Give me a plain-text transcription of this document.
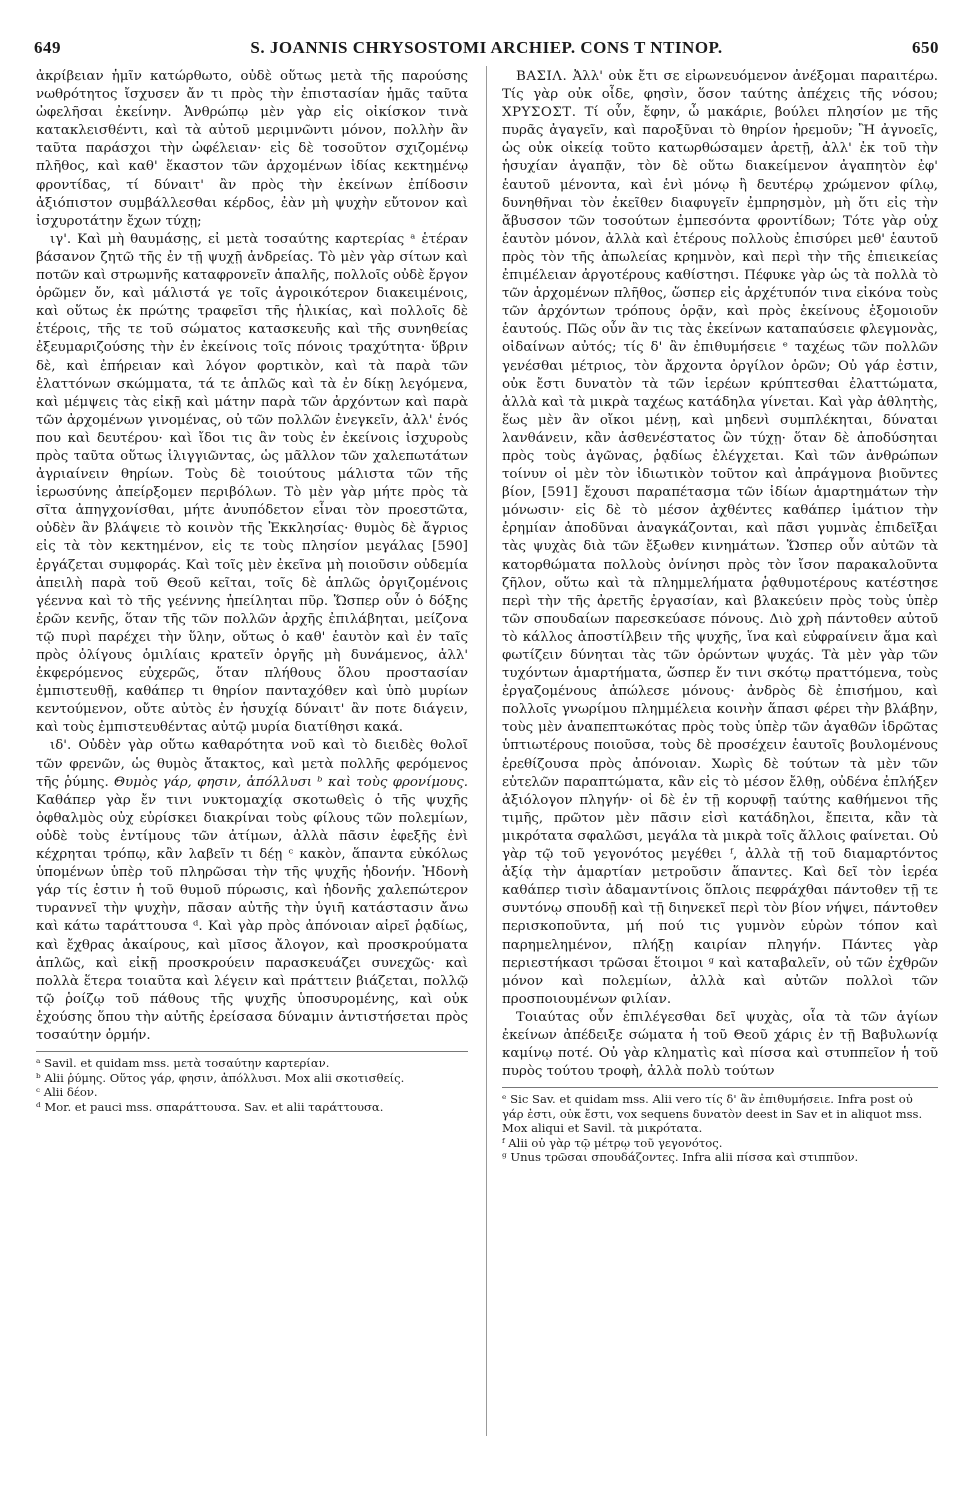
649	S. JOANNIS CHRYSOSTOMI ARCHIEP. CONS T NTINOP.	650

ἀκρίβειαν ἡμῖν κατώρθωτο, οὐδὲ οὕτως μετὰ τῆς παρούσης νωθρότητος ἴσχυσεν ἄν τι πρὸς τὴν ἐπιστασίαν ἡμᾶς ταῦτα ὠφελῆσαι ἐκείνην. Ἀνθρώπῳ μὲν γὰρ εἰς οἰκίσκον τινὰ κατακλεισθέντι, καὶ τὰ αὐτοῦ μεριμνῶντι μόνον, πολλὴν ἂν ταῦτα παράσχοι τὴν ὠφέλειαν· εἰς δὲ τοσοῦτον σχιζομένῳ πλῆθος, καὶ καθ' ἕκαστον τῶν ἀρχομένων ἰδίας κεκτημένῳ φροντίδας, τί δύναιτ' ἂν πρὸς τὴν ἐκείνων ἐπίδοσιν ἀξιόπιστον συμβάλλεσθαι κέρδος, ἐὰν μὴ ψυχὴν εὔτονον καὶ ἰσχυροτάτην ἔχων τύχῃ;

ιγ'. Καὶ μὴ θαυμάσῃς, εἰ μετὰ τοσαύτης καρτερίας ᵃ ἑτέραν βάσανον ζητῶ τῆς ἐν τῇ ψυχῇ ἀνδρείας. Τὸ μὲν γὰρ σίτων καὶ ποτῶν καὶ στρωμνῆς καταφρονεῖν ἁπαλῆς, πολλοῖς οὐδὲ ἔργον ὁρῶμεν ὄν, καὶ μάλιστά γε τοῖς ἀγροικότερον διακειμένοις, καὶ οὕτως ἐκ πρώτης τραφεῖσι τῆς ἡλικίας, καὶ πολλοῖς δὲ ἑτέροις, τῆς τε τοῦ σώματος κατασκευῆς καὶ τῆς συνηθείας ἐξευμαριζούσης τὴν ἐν ἐκείνοις τοῖς πόνοις τραχύτητα· ὕβριν δὲ, καὶ ἐπήρειαν καὶ λόγον φορτικὸν, καὶ τὰ παρὰ τῶν ἐλαττόνων σκώμματα, τά τε ἁπλῶς καὶ τὰ ἐν δίκῃ λεγόμενα, καὶ μέμψεις τὰς εἰκῇ καὶ μάτην παρὰ τῶν ἀρχόντων καὶ παρὰ τῶν ἀρχομένων γινομένας, οὐ τῶν πολλῶν ἐνεγκεῖν, ἀλλ' ἑνός που καὶ δευτέρου· καὶ ἴδοι τις ἂν τοὺς ἐν ἐκείνοις ἰσχυροὺς πρὸς ταῦτα οὕτως ἰλιγγιῶντας, ὡς μᾶλλον τῶν χαλεπωτάτων ἀγριαίνειν θηρίων. Τοὺς δὲ τοιούτους μάλιστα τῶν τῆς ἱερωσύνης ἀπείρξομεν περιβόλων. Τὸ μὲν γὰρ μήτε πρὸς τὰ σῖτα ἀπηγχονίσθαι, μήτε ἀνυπόδετον εἶναι τὸν προεστῶτα, οὐδὲν ἂν βλάψειε τὸ κοινὸν τῆς Ἐκκλησίας· θυμὸς δὲ ἄγριος εἰς τὰ τὸν κεκτημένον, εἰς τε τοὺς πλησίον μεγάλας [590] ἐργάζεται συμφοράς. Καὶ τοῖς μὲν ἐκεῖνα μὴ ποιοῦσιν οὐδεμία ἀπειλὴ παρὰ τοῦ Θεοῦ κεῖται, τοῖς δὲ ἁπλῶς ὀργιζομένοις γέεννα καὶ τὸ τῆς γεέννης ἠπείληται πῦρ. Ὥσπερ οὖν ὁ δόξης ἐρῶν κενῆς, ὅταν τῆς τῶν πολλῶν ἀρχῆς ἐπιλάβηται, μείζονα τῷ πυρὶ παρέχει τὴν ὕλην, οὕτως ὁ καθ' ἑαυτὸν καὶ ἐν ταῖς πρὸς ὀλίγους ὁμιλίαις κρατεῖν ὀργῆς μὴ δυνάμενος, ἀλλ' ἐκφερόμενος εὐχερῶς, ὅταν πλήθους ὅλου προστασίαν ἐμπιστευθῇ, καθάπερ τι θηρίον πανταχόθεν καὶ ὑπὸ μυρίων κεντούμενον, οὔτε αὐτὸς ἐν ἡσυχίᾳ δύναιτ' ἂν ποτε διάγειν, καὶ τοὺς ἐμπιστευθέντας αὐτῷ μυρία διατίθησι κακά.

ιδ'. Οὐδὲν γὰρ οὕτω καθαρότητα νοῦ καὶ τὸ διειδὲς θολοῖ τῶν φρενῶν, ὡς θυμὸς ἄτακτος, καὶ μετὰ πολλῆς φερόμενος τῆς ῥύμης. Θυμὸς γάρ, φησιν, ἀπόλλυσι ᵇ καὶ τοὺς φρονίμους. Καθάπερ γὰρ ἔν τινι νυκτομαχίᾳ σκοτωθεὶς ὁ τῆς ψυχῆς ὀφθαλμὸς οὐχ εὑρίσκει διακρίναι τοὺς φίλους τῶν πολεμίων, οὐδὲ τοὺς ἐντίμους τῶν ἀτίμων, ἀλλὰ πᾶσιν ἐφεξῆς ἐνὶ κέχρηται τρόπῳ, κἂν λαβεῖν τι δέῃ ᶜ κακὸν, ἅπαντα εὐκόλως ὑπομένων ὑπὲρ τοῦ πληρῶσαι τὴν τῆς ψυχῆς ἡδονήν. Ἡδονὴ γάρ τίς ἐστιν ἡ τοῦ θυμοῦ πύρωσις, καὶ ἡδονῆς χαλεπώτερον τυραννεῖ τὴν ψυχὴν, πᾶσαν αὐτῆς τὴν ὑγιῆ κατάστασιν ἄνω καὶ κάτω ταράττουσα ᵈ. Καὶ γὰρ πρὸς ἀπόνοιαν αἱρεῖ ῥᾳδίως, καὶ ἔχθρας ἀκαίρους, καὶ μῖσος ἄλογον, καὶ προσκρούματα ἁπλῶς, καὶ εἰκῇ προσκρούειν παρασκευάζει συνεχῶς· καὶ πολλὰ ἕτερα τοιαῦτα καὶ λέγειν καὶ πράττειν βιάζεται, πολλῷ τῷ ῥοίζῳ τοῦ πάθους τῆς ψυχῆς ὑποσυρομένης, καὶ οὐκ ἐχούσης ὅπου τὴν αὐτῆς ἐρείσασα δύναμιν ἀντιστήσεται πρὸς τοσαύτην ὁρμήν.

ᵃ Savil. et quidam mss. μετὰ τοσαύτην καρτερίαν.
ᵇ Alii ῥύμης. Οὕτος γάρ, φησιν, ἀπόλλυσι. Mox alii σκοτισθείς.
ᶜ Alii δέον.
ᵈ Mor. et pauci mss. σπαράττουσα. Sav. et alii ταράττουσα.

ΒΑΣΙΛ. Ἀλλ' οὐκ ἔτι σε εἰρωνευόμενον ἀνέξομαι παραιτέρω. Τίς γὰρ οὐκ οἶδε, φησὶν, ὅσον ταύτης ἀπέχεις τῆς νόσου; ΧΡΥΣΟΣΤ. Τί οὖν, ἔφην, ὦ μακάριε, βούλει πλησίον με τῆς πυρᾶς ἀγαγεῖν, καὶ παροξῦναι τὸ θηρίον ἠρεμοῦν; Ἢ ἀγνοεῖς, ὡς οὐκ οἰκείᾳ τοῦτο κατωρθώσαμεν ἀρετῇ, ἀλλ' ἐκ τοῦ τὴν ἡσυχίαν ἀγαπᾷν, τὸν δὲ οὕτω διακείμενον ἀγαπητὸν ἐφ' ἑαυτοῦ μένοντα, καὶ ἑνὶ μόνῳ ἢ δευτέρῳ χρώμενον φίλῳ, δυνηθῆναι τὸν ἐκεῖθεν διαφυγεῖν ἐμπρησμὸν, μὴ ὅτι εἰς τὴν ἄβυσσον τῶν τοσούτων ἐμπεσόντα φροντίδων; Τότε γὰρ οὐχ ἑαυτὸν μόνον, ἀλλὰ καὶ ἑτέρους πολλοὺς ἐπισύρει μεθ' ἑαυτοῦ πρὸς τὸν τῆς ἀπωλείας κρημνὸν, καὶ περὶ τὴν τῆς ἐπιεικείας ἐπιμέλειαν ἀργοτέρους καθίστησι. Πέφυκε γὰρ ὡς τὰ πολλὰ τὸ τῶν ἀρχομένων πλῆθος, ὥσπερ εἰς ἀρχέτυπόν τινα εἰκόνα τοὺς τῶν ἀρχόντων τρόπους ὁρᾷν, καὶ πρὸς ἐκείνους ἐξομοιοῦν ἑαυτούς. Πῶς οὖν ἂν τις τὰς ἐκείνων καταπαύσειε φλεγμονὰς, οἰδαίνων αὐτός; τίς δ' ἂν ἐπιθυμήσειε ᵉ ταχέως τῶν πολλῶν γενέσθαι μέτριος, τὸν ἄρχοντα ὀργίλον ὁρῶν; Οὐ γάρ ἐστιν, οὐκ ἔστι δυνατὸν τὰ τῶν ἱερέων κρύπτεσθαι ἐλαττώματα, ἀλλὰ καὶ τὰ μικρὰ ταχέως κατάδηλα γίνεται. Καὶ γὰρ ἀθλητὴς, ἕως μὲν ἂν οἴκοι μένῃ, καὶ μηδενὶ συμπλέκηται, δύναται λανθάνειν, κἂν ἀσθενέστατος ὢν τύχῃ· ὅταν δὲ ἀποδύσηται πρὸς τοὺς ἀγῶνας, ῥᾳδίως ἐλέγχεται. Καὶ τῶν ἀνθρώπων τοίνυν οἱ μὲν τὸν ἰδιωτικὸν τοῦτον καὶ ἀπράγμονα βιοῦντες βίον, [591] ἔχουσι παραπέτασμα τῶν ἰδίων ἁμαρτημάτων τὴν μόνωσιν· εἰς δὲ τὸ μέσον ἀχθέντες καθάπερ ἱμάτιον τὴν ἐρημίαν ἀποδῦναι ἀναγκάζονται, καὶ πᾶσι γυμνὰς ἐπιδεῖξαι τὰς ψυχὰς διὰ τῶν ἔξωθεν κινημάτων. Ὥσπερ οὖν αὐτῶν τὰ κατορθώματα πολλοὺς ὀνίνησι πρὸς τὸν ἴσον παρακαλοῦντα ζῆλον, οὕτω καὶ τὰ πλημμελήματα ῥᾳθυμοτέρους κατέστησε περὶ τὴν τῆς ἀρετῆς ἐργασίαν, καὶ βλακεύειν πρὸς τοὺς ὑπὲρ τῶν σπουδαίων παρεσκεύασε πόνους. Διὸ χρὴ πάντοθεν αὐτοῦ τὸ κάλλος ἀποστίλβειν τῆς ψυχῆς, ἵνα καὶ εὐφραίνειν ἅμα καὶ φωτίζειν δύνηται τὰς τῶν ὁρώντων ψυχάς. Τὰ μὲν γὰρ τῶν τυχόντων ἁμαρτήματα, ὥσπερ ἔν τινι σκότῳ πραττόμενα, τοὺς ἐργαζομένους ἀπώλεσε μόνους· ἀνδρὸς δὲ ἐπισήμου, καὶ πολλοῖς γνωρίμου πλημμέλεια κοινὴν ἅπασι φέρει τὴν βλάβην, τοὺς μὲν ἀναπεπτωκότας πρὸς τοὺς ὑπὲρ τῶν ἀγαθῶν ἱδρῶτας ὑπτιωτέρους ποιοῦσα, τοὺς δὲ προσέχειν ἑαυτοῖς βουλομένους ἐρεθίζουσα πρὸς ἀπόνοιαν. Χωρὶς δὲ τούτων τὰ μὲν τῶν εὐτελῶν παραπτώματα, κἂν εἰς τὸ μέσον ἔλθῃ, οὐδένα ἐπλήξεν ἀξιόλογον πληγήν· οἱ δὲ ἐν τῇ κορυφῇ ταύτης καθήμενοι τῆς τιμῆς, πρῶτον μὲν πᾶσιν εἰσὶ κατάδηλοι, ἔπειτα, κἂν τὰ μικρότατα σφαλῶσι, μεγάλα τὰ μικρὰ τοῖς ἄλλοις φαίνεται. Οὐ γὰρ τῷ τοῦ γεγονότος μεγέθει ᶠ, ἀλλὰ τῇ τοῦ διαμαρτόντος ἀξίᾳ τὴν ἁμαρτίαν μετροῦσιν ἅπαντες. Καὶ δεῖ τὸν ἱερέα καθάπερ τισὶν ἀδαμαντίνοις ὅπλοις πεφράχθαι πάντοθεν τῇ τε συντόνῳ σπουδῇ καὶ τῇ διηνεκεῖ περὶ τὸν βίον νήψει, πάντοθεν περισκοποῦντα, μή πού τις γυμνὸν εὑρὼν τόπον καὶ παρημελημένον, πλήξῃ καιρίαν πληγήν. Πάντες γὰρ περιεστήκασι τρῶσαι ἕτοιμοι ᵍ καὶ καταβαλεῖν, οὐ τῶν ἐχθρῶν μόνον καὶ πολεμίων, ἀλλὰ καὶ αὐτῶν πολλοὶ τῶν προσποιουμένων φιλίαν.

Τοιαύτας οὖν ἐπιλέγεσθαι δεῖ ψυχὰς, οἷα τὰ τῶν ἁγίων ἐκείνων ἀπέδειξε σώματα ἡ τοῦ Θεοῦ χάρις ἐν τῇ Βαβυλωνίᾳ καμίνῳ ποτέ. Οὐ γὰρ κληματὶς καὶ πίσσα καὶ στυππεῖον ἡ τοῦ πυρὸς τούτου τροφὴ, ἀλλὰ πολὺ τούτων

ᵉ Sic Sav. et quidam mss. Alii vero τίς δ' ἂν ἐπιθυμήσειε. Infra post οὐ γάρ ἐστι, οὐκ ἔστι, vox sequens δυνατὸν deest in Sav et in aliquot mss. Mox aliqui et Savil. τὰ μικρότατα.
ᶠ Alii οὐ γὰρ τῷ μέτρῳ τοῦ γεγονότος.
ᵍ Unus τρῶσαι σπουδάζοντες. Infra alii πίσσα καὶ στιππῦον.
